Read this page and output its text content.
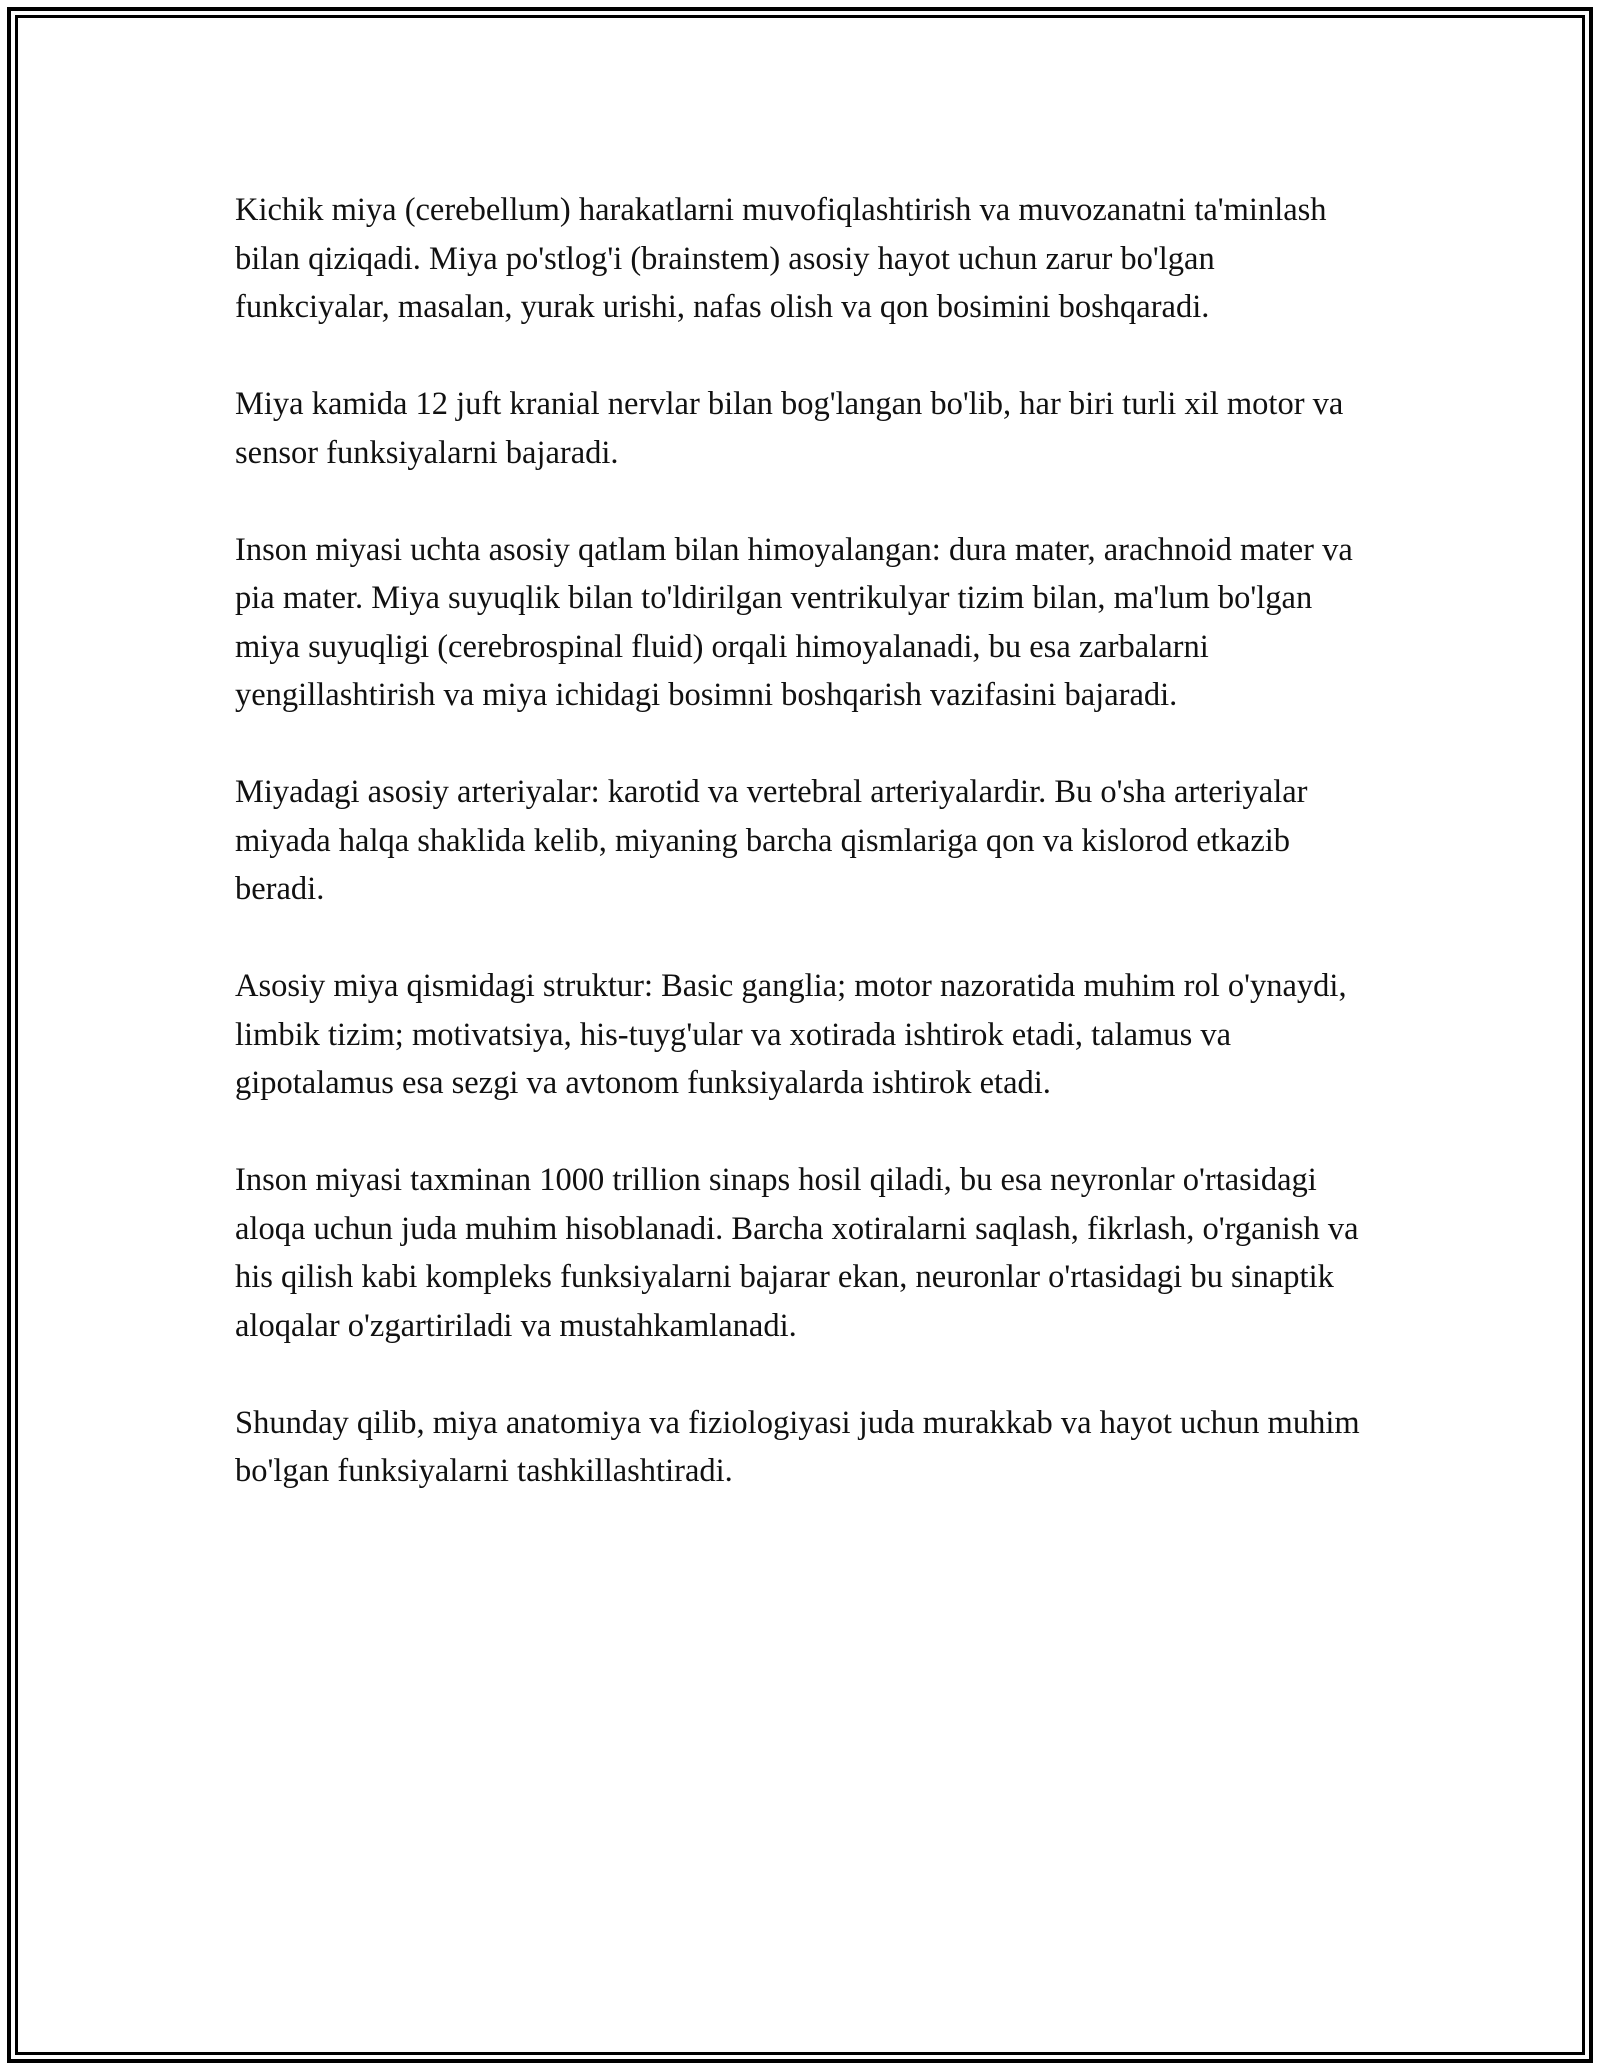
Kichik miya (cerebellum) harakatlarni muvofiqlashtirish va muvozanatni ta'minlash bilan qiziqadi. Miya po'stlog'i (brainstem) asosiy hayot uchun zarur bo'lgan funkciyalar, masalan, yurak urishi, nafas olish va qon bosimini boshqaradi.

Miya kamida 12 juft kranial nervlar bilan bog'langan bo'lib, har biri turli xil motor va sensor funksiyalarni bajaradi.

Inson miyasi uchta asosiy qatlam bilan himoyalangan: dura mater, arachnoid mater va pia mater. Miya suyuqlik bilan to'ldirilgan ventrikulyar tizim bilan, ma'lum bo'lgan miya suyuqligi (cerebrospinal fluid) orqali himoyalanadi, bu esa zarbalarni yengillashtirish va miya ichidagi bosimni boshqarish vazifasini bajaradi.

Miyadagi asosiy arteriyalar: karotid va vertebral arteriyalardir. Bu o'sha arteriyalar miyada halqa shaklida kelib, miyaning barcha qismlariga qon va kislorod etkazib beradi.

Asosiy miya qismidagi struktur: Basic ganglia; motor nazoratida muhim rol o'ynaydi, limbik tizim; motivatsiya, his-tuyg'ular va xotirada ishtirok etadi, talamus va gipotalamus esa sezgi va avtonom funksiyalarda ishtirok etadi.

Inson miyasi taxminan 1000 trillion sinaps hosil qiladi, bu esa neyronlar o'rtasidagi aloqa uchun juda muhim hisoblanadi. Barcha xotiralarni saqlash, fikrlash, o'rganish va his qilish kabi kompleks funksiyalarni bajarar ekan, neuronlar o'rtasidagi bu sinaptik aloqalar o'zgartiriladi va mustahkamlanadi.

Shunday qilib, miya anatomiya va fiziologiyasi juda murakkab va hayot uchun muhim bo'lgan funksiyalarni tashkillashtiradi.
